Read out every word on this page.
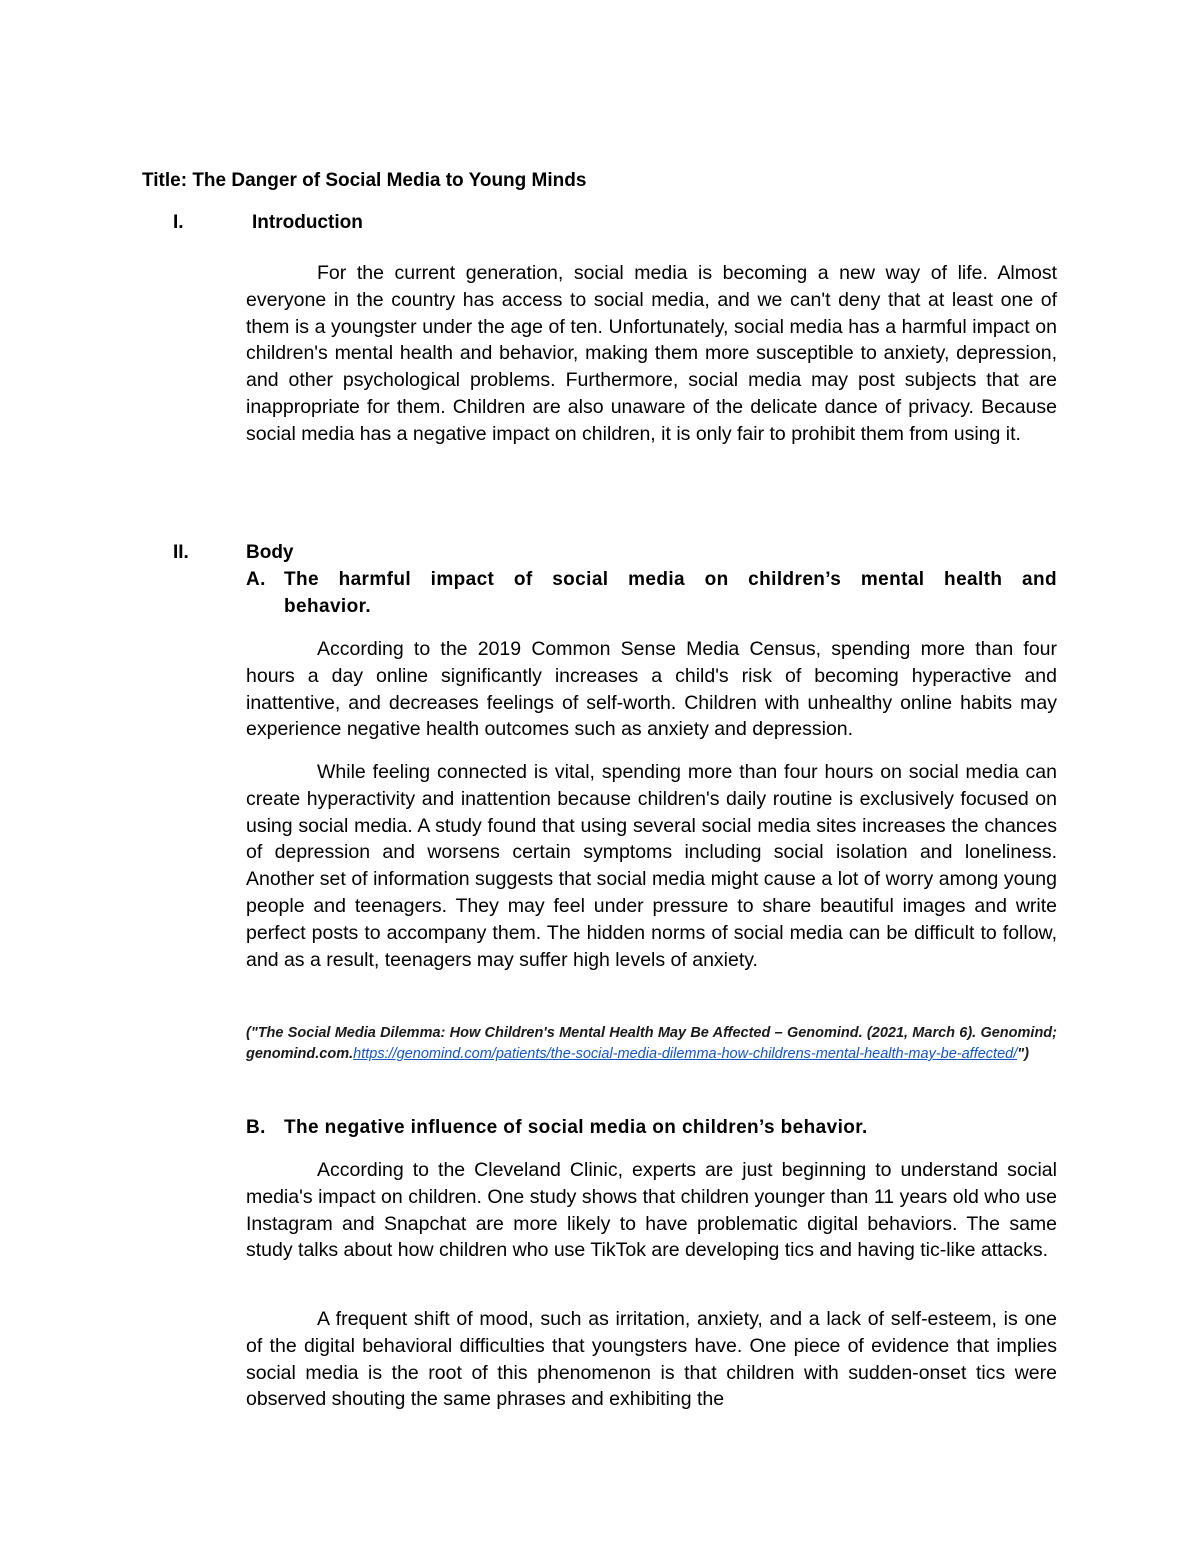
Title: The Danger of Social Media to Young Minds
I.	Introduction

For the current generation, social media is becoming a new way of life. Almost everyone in the country has access to social media, and we can't deny that at least one of them is a youngster under the age of ten. Unfortunately, social media has a harmful impact on children's mental health and behavior, making them more susceptible to anxiety, depression, and other psychological problems. Furthermore, social media may post subjects that are inappropriate for them. Children are also unaware of the delicate dance of privacy. Because social media has a negative impact on children, it is only fair to prohibit them from using it.

II.	Body
A. The harmful impact of social media on children’s mental health and behavior.

According to the 2019 Common Sense Media Census, spending more than four hours a day online significantly increases a child's risk of becoming hyperactive and inattentive, and decreases feelings of self-worth. Children with unhealthy online habits may experience negative health outcomes such as anxiety and depression.

While feeling connected is vital, spending more than four hours on social media can create hyperactivity and inattention because children's daily routine is exclusively focused on using social media. A study found that using several social media sites increases the chances of depression and worsens certain symptoms including social isolation and loneliness. Another set of information suggests that social media might cause a lot of worry among young people and teenagers. They may feel under pressure to share beautiful images and write perfect posts to accompany them. The hidden norms of social media can be difficult to follow, and as a result, teenagers may suffer high levels of anxiety.

("The Social Media Dilemma: How Children's Mental Health May Be Affected – Genomind. (2021, March 6). Genomind; genomind.com.https://genomind.com/patients/the-social-media-dilemma-how-childrens-mental-health-may-be-affected/")
B. The negative influence of social media on children’s behavior.

According to the Cleveland Clinic, experts are just beginning to understand social media's impact on children. One study shows that children younger than 11 years old who use Instagram and Snapchat are more likely to have problematic digital behaviors. The same study talks about how children who use TikTok are developing tics and having tic-like attacks.

A frequent shift of mood, such as irritation, anxiety, and a lack of self-esteem, is one of the digital behavioral difficulties that youngsters have. One piece of evidence that implies social media is the root of this phenomenon is that children with sudden-onset tics were observed shouting the same phrases and exhibiting the
